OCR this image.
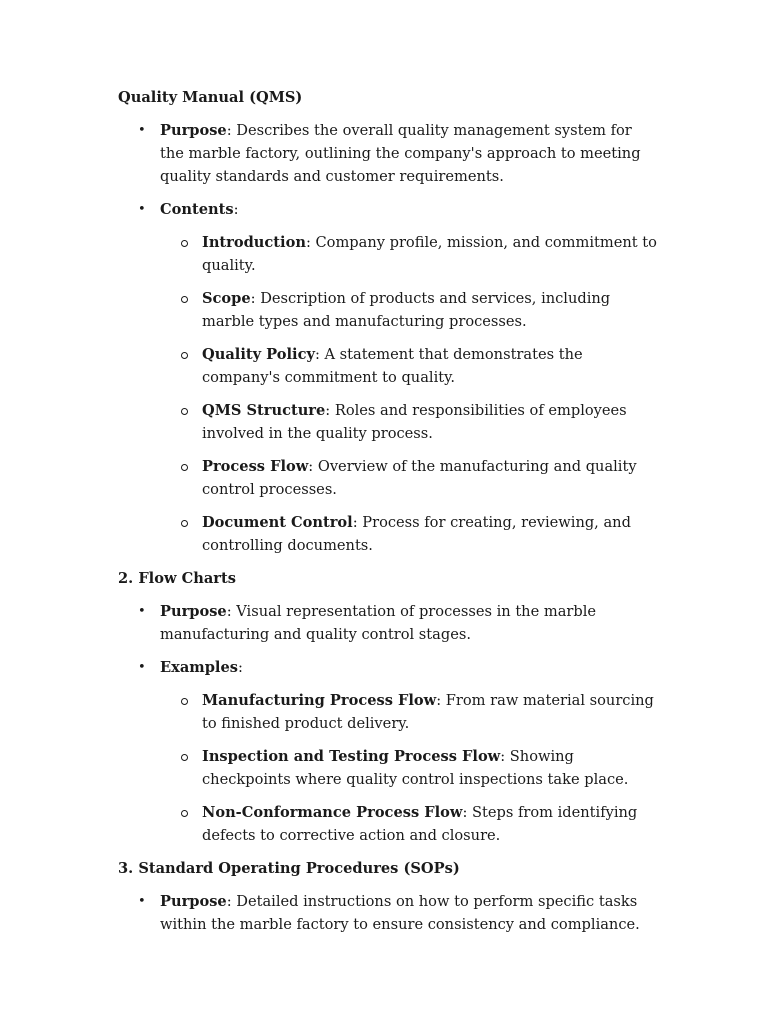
Quality Manual (QMS)
• Purpose: Describes the overall quality management system for the marble factory, outlining the company's approach to meeting quality standards and customer requirements.
• Contents:
Introduction: Company profile, mission, and commitment to quality.
Scope: Description of products and services, including marble types and manufacturing processes.
Quality Policy: A statement that demonstrates the company's commitment to quality.
QMS Structure: Roles and responsibilities of employees involved in the quality process.
Process Flow: Overview of the manufacturing and quality control processes.
Document Control: Process for creating, reviewing, and controlling documents.
2. Flow Charts
• Purpose: Visual representation of processes in the marble manufacturing and quality control stages.
• Examples:
Manufacturing Process Flow: From raw material sourcing to finished product delivery.
Inspection and Testing Process Flow: Showing checkpoints where quality control inspections take place.
Non-Conformance Process Flow: Steps from identifying defects to corrective action and closure.
3. Standard Operating Procedures (SOPs)
• Purpose: Detailed instructions on how to perform specific tasks within the marble factory to ensure consistency and compliance.
